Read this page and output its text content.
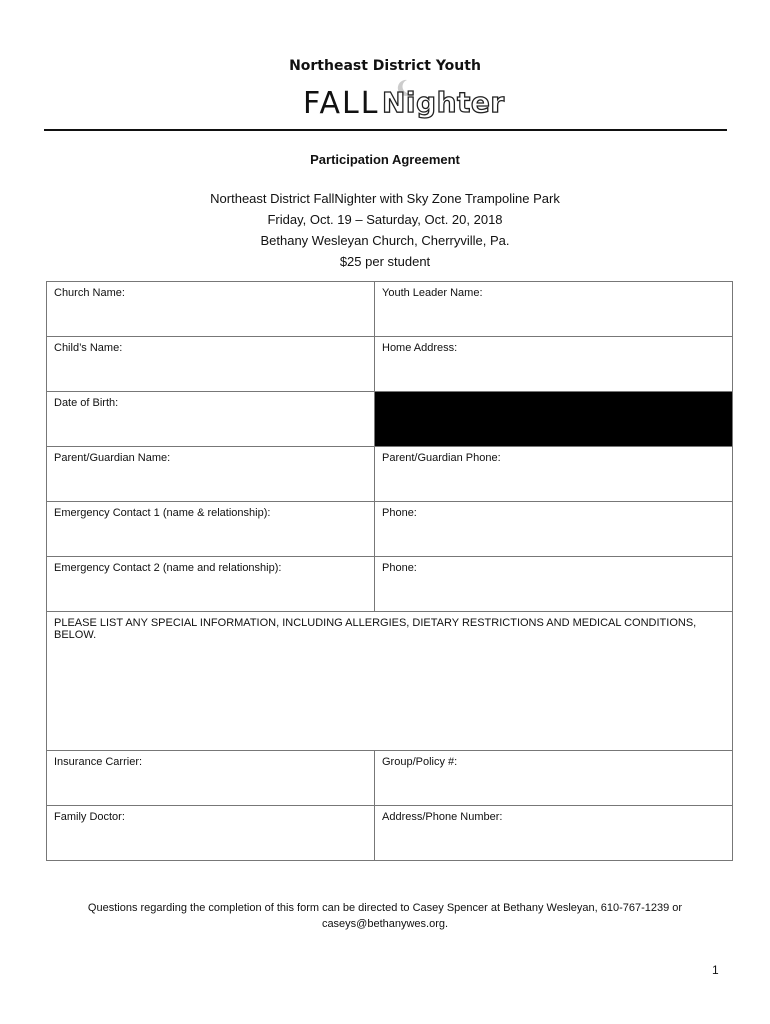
Northeast District Youth
FALL Nighter
Participation Agreement
Northeast District FallNighter with Sky Zone Trampoline Park
Friday, Oct. 19 – Saturday, Oct. 20, 2018
Bethany Wesleyan Church, Cherryville, Pa.
$25 per student
Church Name:	Youth Leader Name:
Child’s Name:	Home Address:
Date of Birth:	
Parent/Guardian Name:	Parent/Guardian Phone:
Emergency Contact 1 (name & relationship):	Phone:
Emergency Contact 2 (name and relationship):	Phone:
PLEASE LIST ANY SPECIAL INFORMATION, INCLUDING ALLERGIES, DIETARY RESTRICTIONS AND MEDICAL CONDITIONS, BELOW.	
Insurance Carrier:	Group/Policy #:
Family Doctor:	Address/Phone Number:
Questions regarding the completion of this form can be directed to Casey Spencer at Bethany Wesleyan, 610-767-1239 or
caseys@bethanywes.org.
1
